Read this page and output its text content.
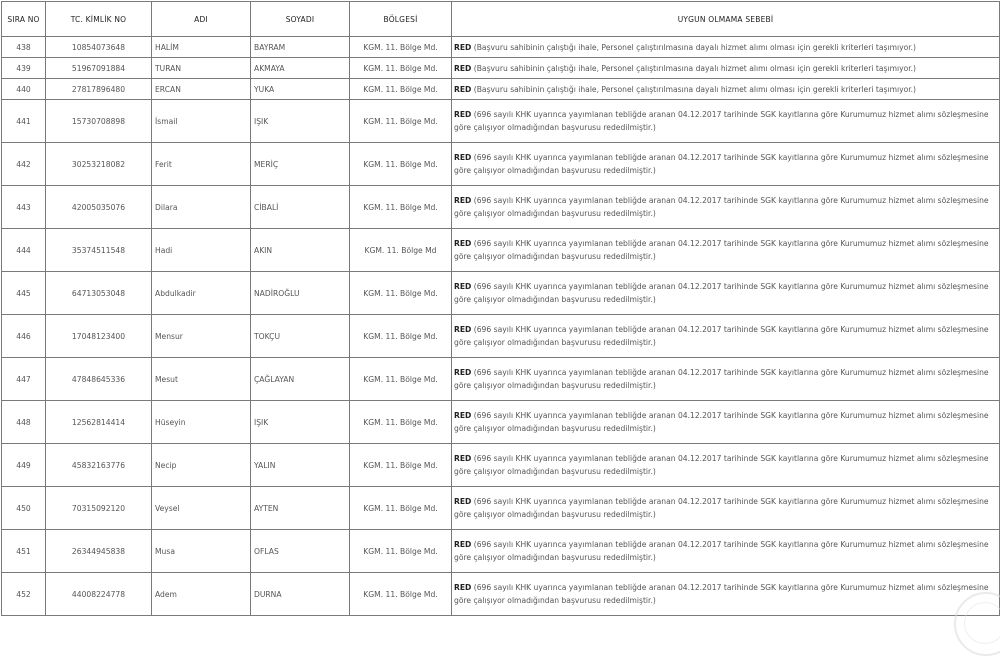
SIRA NO	TC. KİMLİK NO	ADI	SOYADI	BÖLGESİ	UYGUN OLMAMA SEBEBİ
438	10854073648	HALİM	BAYRAM	KGM. 11. Bölge Md.	RED (Başvuru sahibinin çalıştığı ihale, Personel çalıştırılmasına dayalı hizmet alımı olması için gerekli kriterleri taşımıyor.)
439	51967091884	TURAN	AKMAYA	KGM. 11. Bölge Md.	RED (Başvuru sahibinin çalıştığı ihale, Personel çalıştırılmasına dayalı hizmet alımı olması için gerekli kriterleri taşımıyor.)
440	27817896480	ERCAN	YUKA	KGM. 11. Bölge Md.	RED (Başvuru sahibinin çalıştığı ihale, Personel çalıştırılmasına dayalı hizmet alımı olması için gerekli kriterleri taşımıyor.)
441	15730708898	İsmail	IŞIK	KGM. 11. Bölge Md.	RED (696 sayılı KHK uyarınca yayımlanan tebliğde aranan 04.12.2017 tarihinde SGK kayıtlarına göre Kurumumuz hizmet alımı sözleşmesine göre çalışıyor olmadığından başvurusu rededilmiştir.)
442	30253218082	Ferit	MERİÇ	KGM. 11. Bölge Md.	RED (696 sayılı KHK uyarınca yayımlanan tebliğde aranan 04.12.2017 tarihinde SGK kayıtlarına göre Kurumumuz hizmet alımı sözleşmesine göre çalışıyor olmadığından başvurusu rededilmiştir.)
443	42005035076	Dilara	CİBALİ	KGM. 11. Bölge Md.	RED (696 sayılı KHK uyarınca yayımlanan tebliğde aranan 04.12.2017 tarihinde SGK kayıtlarına göre Kurumumuz hizmet alımı sözleşmesine göre çalışıyor olmadığından başvurusu rededilmiştir.)
444	35374511548	Hadi	AKIN	KGM. 11. Bölge Md	RED (696 sayılı KHK uyarınca yayımlanan tebliğde aranan 04.12.2017 tarihinde SGK kayıtlarına göre Kurumumuz hizmet alımı sözleşmesine göre çalışıyor olmadığından başvurusu rededilmiştir.)
445	64713053048	Abdulkadir	NADİROĞLU	KGM. 11. Bölge Md.	RED (696 sayılı KHK uyarınca yayımlanan tebliğde aranan 04.12.2017 tarihinde SGK kayıtlarına göre Kurumumuz hizmet alımı sözleşmesine göre çalışıyor olmadığından başvurusu rededilmiştir.)
446	17048123400	Mensur	TOKÇU	KGM. 11. Bölge Md.	RED (696 sayılı KHK uyarınca yayımlanan tebliğde aranan 04.12.2017 tarihinde SGK kayıtlarına göre Kurumumuz hizmet alımı sözleşmesine göre çalışıyor olmadığından başvurusu rededilmiştir.)
447	47848645336	Mesut	ÇAĞLAYAN	KGM. 11. Bölge Md.	RED (696 sayılı KHK uyarınca yayımlanan tebliğde aranan 04.12.2017 tarihinde SGK kayıtlarına göre Kurumumuz hizmet alımı sözleşmesine göre çalışıyor olmadığından başvurusu rededilmiştir.)
448	12562814414	Hüseyin	IŞIK	KGM. 11. Bölge Md.	RED (696 sayılı KHK uyarınca yayımlanan tebliğde aranan 04.12.2017 tarihinde SGK kayıtlarına göre Kurumumuz hizmet alımı sözleşmesine göre çalışıyor olmadığından başvurusu rededilmiştir.)
449	45832163776	Necip	YALIN	KGM. 11. Bölge Md.	RED (696 sayılı KHK uyarınca yayımlanan tebliğde aranan 04.12.2017 tarihinde SGK kayıtlarına göre Kurumumuz hizmet alımı sözleşmesine göre çalışıyor olmadığından başvurusu rededilmiştir.)
450	70315092120	Veysel	AYTEN	KGM. 11. Bölge Md.	RED (696 sayılı KHK uyarınca yayımlanan tebliğde aranan 04.12.2017 tarihinde SGK kayıtlarına göre Kurumumuz hizmet alımı sözleşmesine göre çalışıyor olmadığından başvurusu rededilmiştir.)
451	26344945838	Musa	OFLAS	KGM. 11. Bölge Md.	RED (696 sayılı KHK uyarınca yayımlanan tebliğde aranan 04.12.2017 tarihinde SGK kayıtlarına göre Kurumumuz hizmet alımı sözleşmesine göre çalışıyor olmadığından başvurusu rededilmiştir.)
452	44008224778	Adem	DURNA	KGM. 11. Bölge Md.	RED (696 sayılı KHK uyarınca yayımlanan tebliğde aranan 04.12.2017 tarihinde SGK kayıtlarına göre Kurumumuz hizmet alımı sözleşmesine göre çalışıyor olmadığından başvurusu rededilmiştir.)
